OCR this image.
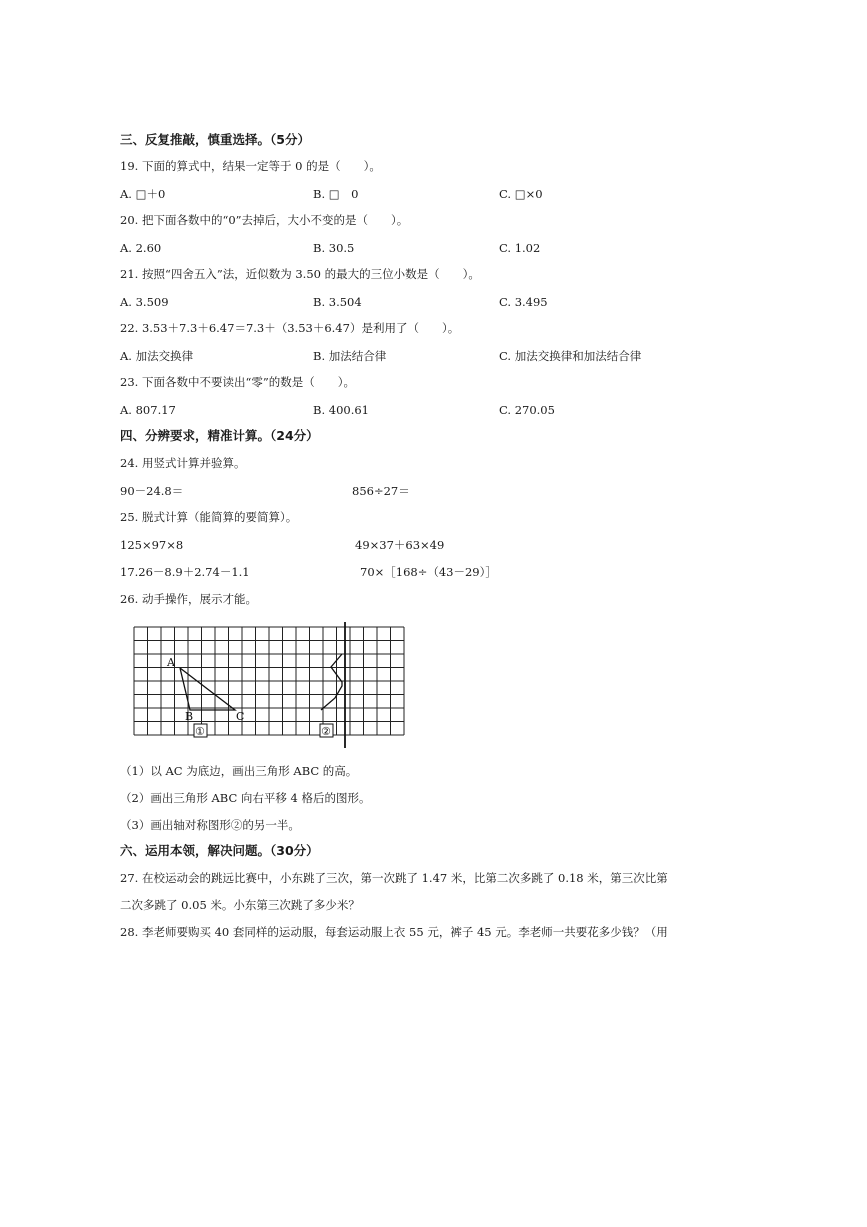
三、反复推敲，慎重选择。（5分）
19. 下面的算式中，结果一定等于 0 的是（　　）。
A. □＋0	B. □　0	C. □×0
20. 把下面各数中的“0”去掉后，大小不变的是（　　）。
A. 2.60	B. 30.5	C. 1.02
21. 按照“四舍五入”法，近似数为 3.50 的最大的三位小数是（　　）。
A. 3.509	B. 3.504	C. 3.495
22. 3.53＋7.3＋6.47＝7.3＋（3.53＋6.47）是利用了（　　）。
A. 加法交换律	B. 加法结合律	C. 加法交换律和加法结合律
23. 下面各数中不要读出“零”的数是（　　）。
A. 807.17	B. 400.61	C. 270.05
四、分辨要求，精准计算。（24分）
24. 用竖式计算并验算。
90－24.8＝	856÷27＝
25. 脱式计算（能简算的要简算）。
125×97×8	49×37＋63×49
17.26－8.9＋2.74－1.1	70×［168÷（43－29）］
26. 动手操作，展示才能。
A
B	C
①	②
（1）以 AC 为底边，画出三角形 ABC 的高。
（2）画出三角形 ABC 向右平移 4 格后的图形。
（3）画出轴对称图形②的另一半。
六、运用本领，解决问题。（30分）
27. 在校运动会的跳远比赛中，小东跳了三次，第一次跳了 1.47 米，比第二次多跳了 0.18 米，第三次比第
二次多跳了 0.05 米。小东第三次跳了多少米？
28. 李老师要购买 40 套同样的运动服，每套运动服上衣 55 元，裤子 45 元。李老师一共要花多少钱？（用
